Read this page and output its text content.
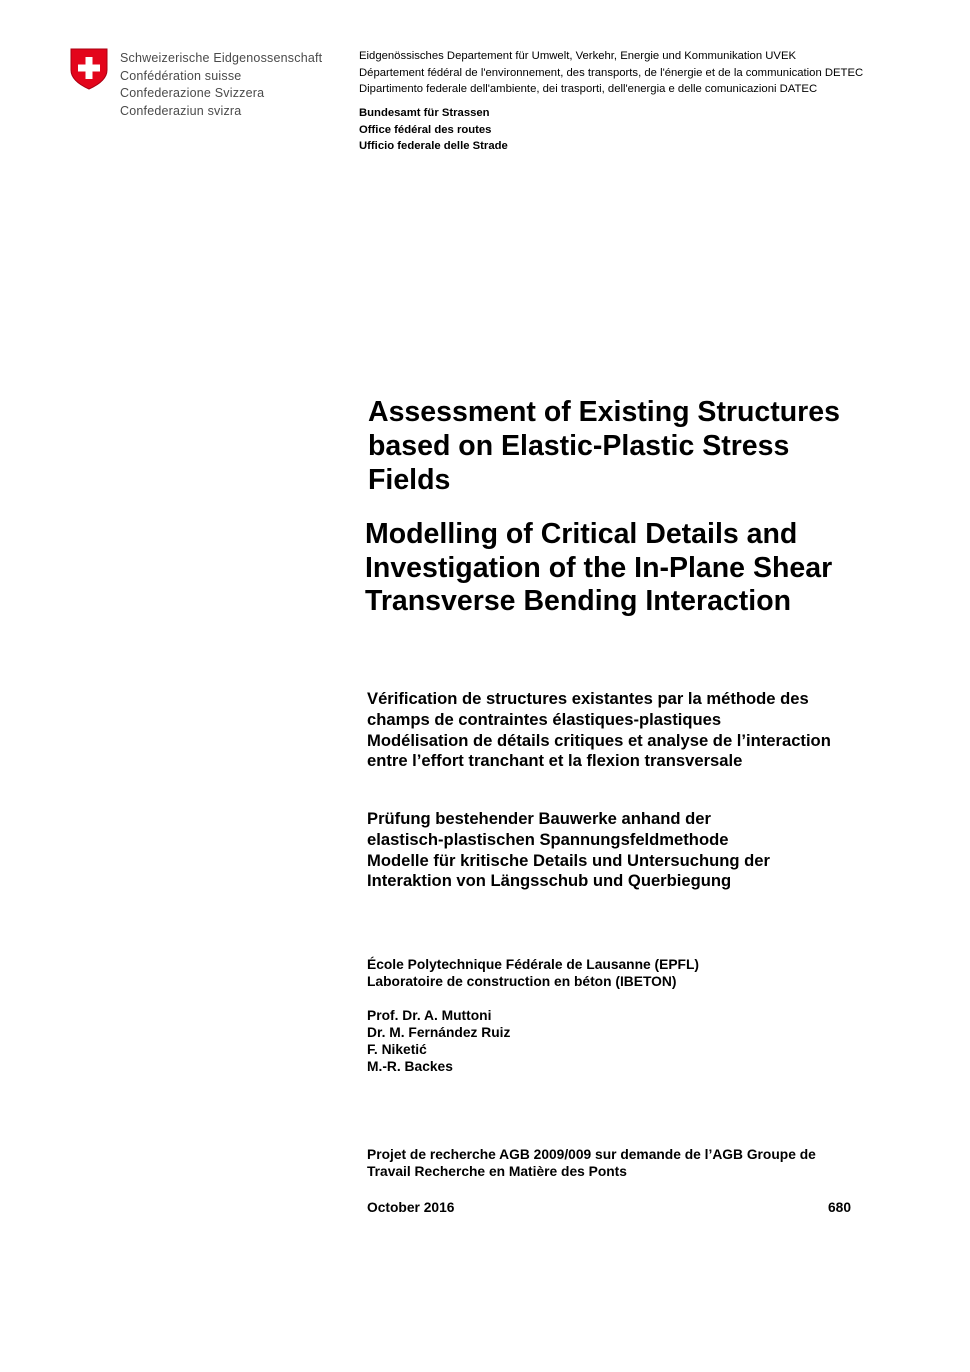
Schweizerische Eidgenossenschaft
Confédération suisse
Confederazione Svizzera
Confederaziun svizra
Eidgenössisches Departement für Umwelt, Verkehr, Energie und Kommunikation UVEK
Département fédéral de l'environnement, des transports, de l'énergie et de la communication DETEC
Dipartimento federale dell'ambiente, dei trasporti, dell'energia e delle comunicazioni DATEC
Bundesamt für Strassen
Office fédéral des routes
Ufficio federale delle Strade
Assessment of Existing Structures
based on Elastic-Plastic Stress
Fields
Modelling of Critical Details and
Investigation of the In-Plane Shear
Transverse Bending Interaction
Vérification de structures existantes par la méthode des
champs de contraintes élastiques-plastiques
Modélisation de détails critiques et analyse de l’interaction
entre l’effort tranchant et la flexion transversale
Prüfung bestehender Bauwerke anhand der
elastisch-plastischen Spannungsfeldmethode
Modelle für kritische Details und Untersuchung der
Interaktion von Längsschub und Querbiegung
École Polytechnique Fédérale de Lausanne (EPFL)
Laboratoire de construction en béton (IBETON)
Prof. Dr. A. Muttoni
Dr. M. Fernández Ruiz
F. Niketić
M.-R. Backes
Projet de recherche AGB 2009/009 sur demande de l’AGB Groupe de
Travail Recherche en Matière des Ponts
October 2016	680
